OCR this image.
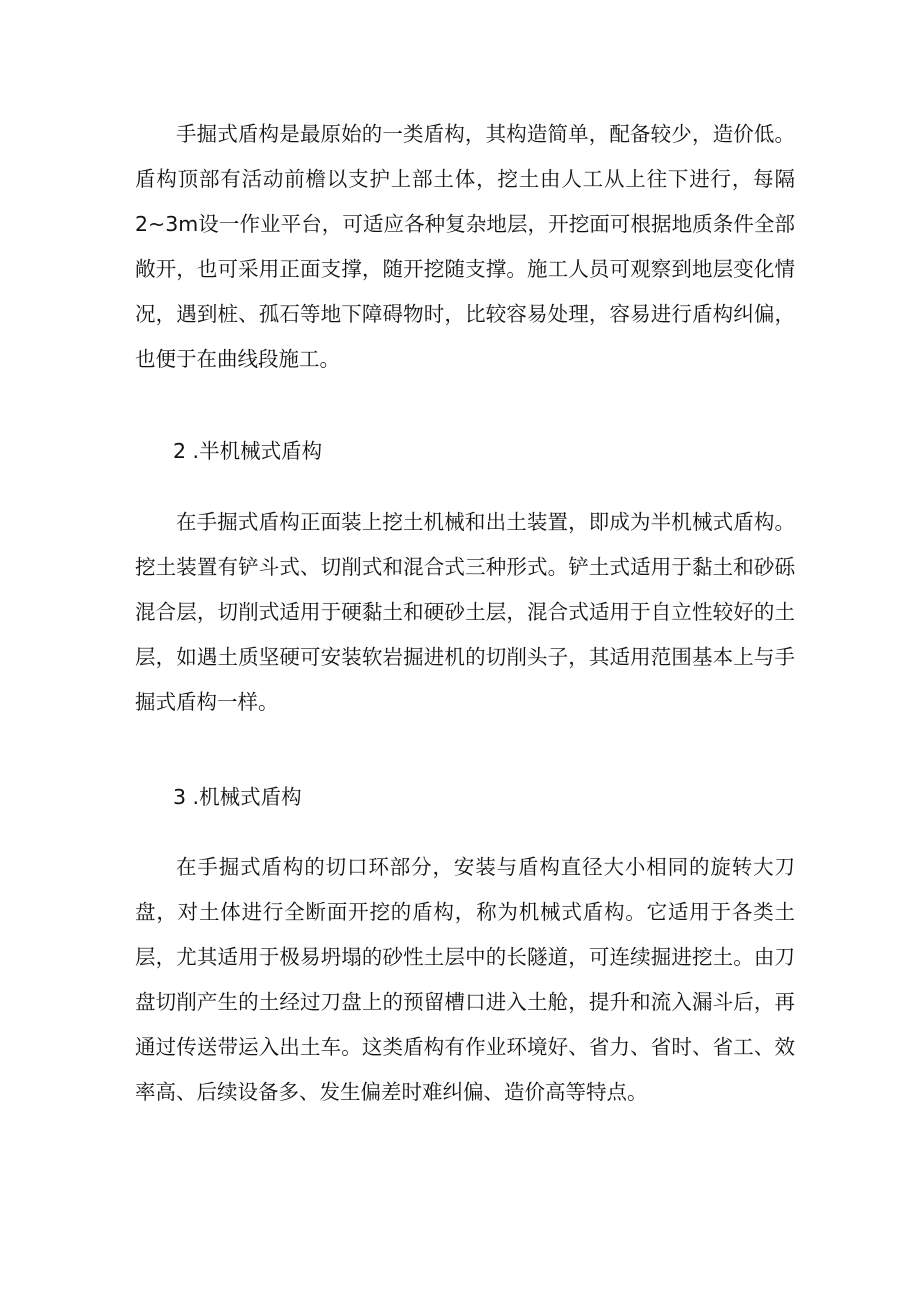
手掘式盾构是最原始的一类盾构，其构造简单，配备较少，造价低。盾构顶部有活动前檐以支护上部土体，挖土由人工从上往下进行，每隔2~3m设一作业平台，可适应各种复杂地层，开挖面可根据地质条件全部敞开，也可采用正面支撑，随开挖随支撑。施工人员可观察到地层变化情况，遇到桩、孤石等地下障碍物时，比较容易处理，容易进行盾构纠偏，也便于在曲线段施工。

2 .半机械式盾构

在手掘式盾构正面装上挖土机械和出土装置，即成为半机械式盾构。挖土装置有铲斗式、切削式和混合式三种形式。铲土式适用于黏土和砂砾混合层，切削式适用于硬黏土和硬砂土层，混合式适用于自立性较好的土层，如遇土质坚硬可安装软岩掘进机的切削头子，其适用范围基本上与手掘式盾构一样。

3 .机械式盾构

在手掘式盾构的切口环部分，安装与盾构直径大小相同的旋转大刀盘，对土体进行全断面开挖的盾构，称为机械式盾构。它适用于各类土层，尤其适用于极易坍塌的砂性土层中的长隧道，可连续掘进挖土。由刀盘切削产生的土经过刀盘上的预留槽口进入土舱，提升和流入漏斗后，再通过传送带运入出土车。这类盾构有作业环境好、省力、省时、省工、效率高、后续设备多、发生偏差时难纠偏、造价高等特点。
